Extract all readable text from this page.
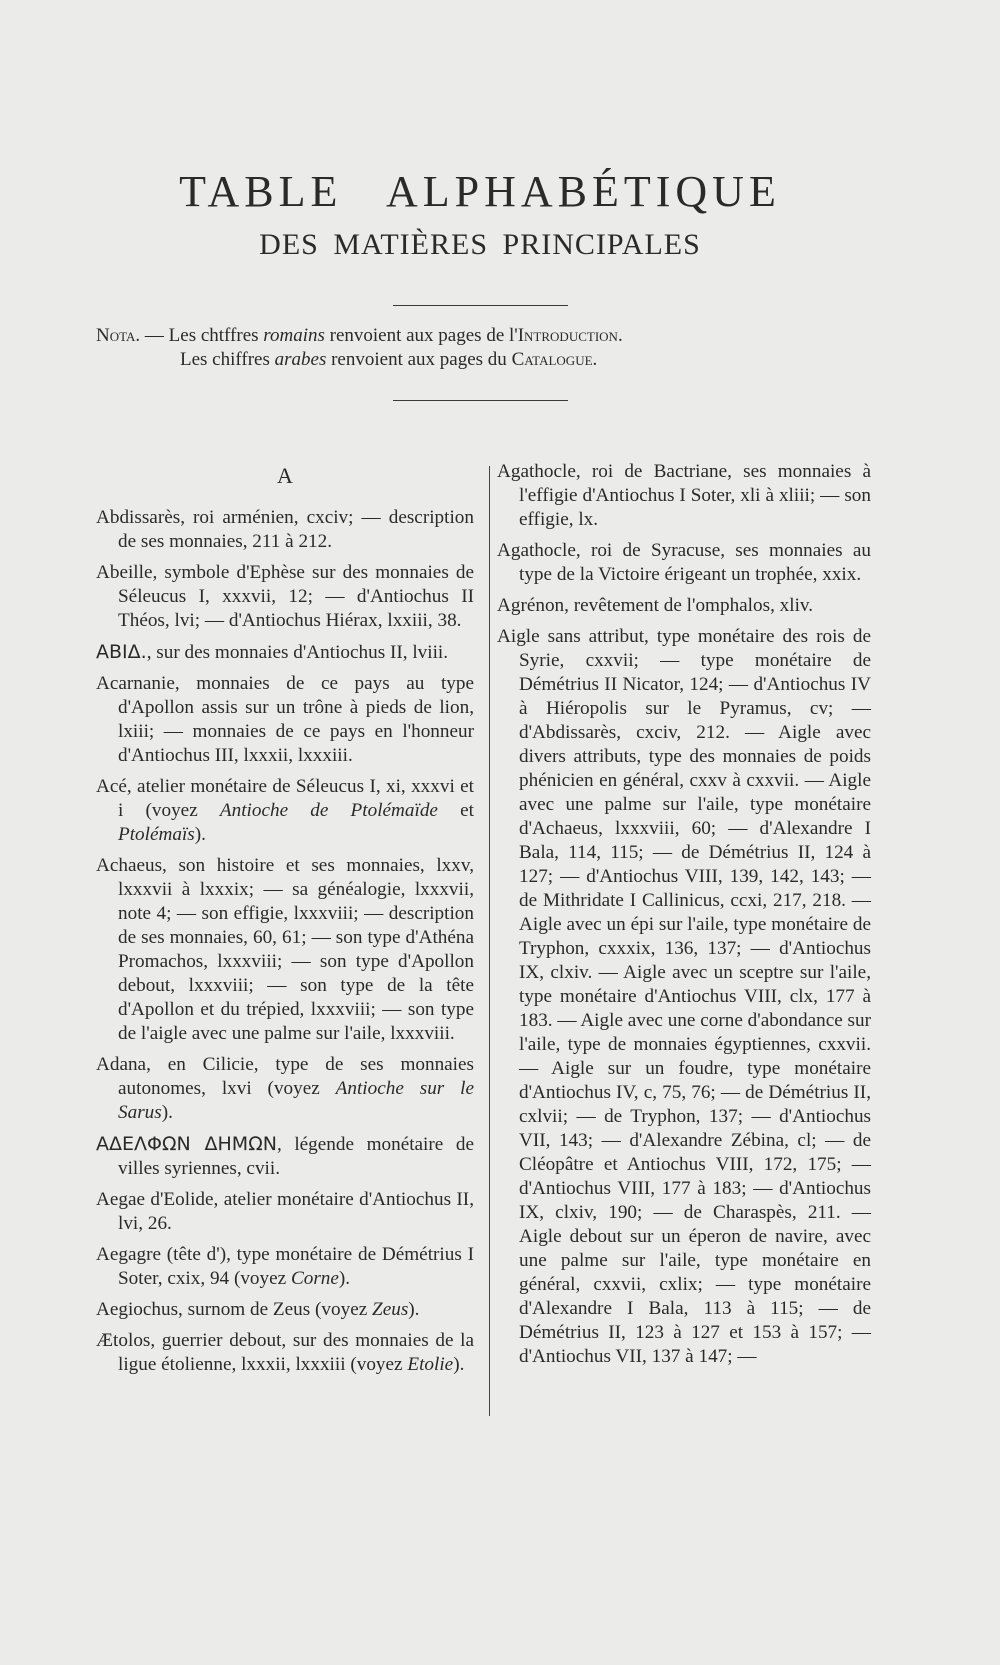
TABLE ALPHABÉTIQUE
DES MATIÈRES PRINCIPALES
Nota. — Les chtffres romains renvoient aux pages de l'Introduction.
Les chiffres arabes renvoient aux pages du Catalogue.
A

Abdissarès, roi arménien, cxciv; — description de ses monnaies, 211 à 212.

Abeille, symbole d'Ephèse sur des monnaies de Séleucus I, xxxvii, 12; — d'Antiochus II Théos, lvi; — d'Antiochus Hiérax, lxxiii, 38.

ΑΒΙΔ., sur des monnaies d'Antiochus II, lviii.

Acarnanie, monnaies de ce pays au type d'Apollon assis sur un trône à pieds de lion, lxiii; — monnaies de ce pays en l'honneur d'Antiochus III, lxxxii, lxxxiii.

Acé, atelier monétaire de Séleucus I, xi, xxxvi et i (voyez Antioche de Ptolémaïde et Ptolémaïs).

Achaeus, son histoire et ses monnaies, lxxv, lxxxvii à lxxxix; — sa généalogie, lxxxvii, note 4; — son effigie, lxxxviii; — description de ses monnaies, 60, 61; — son type d'Athéna Promachos, lxxxviii; — son type d'Apollon debout, lxxxviii; — son type de la tête d'Apollon et du trépied, lxxxviii; — son type de l'aigle avec une palme sur l'aile, lxxxviii.

Adana, en Cilicie, type de ses monnaies autonomes, lxvi (voyez Antioche sur le Sarus).

ΑΔΕΛΦΩΝ ΔΗΜΩΝ, légende monétaire de villes syriennes, cvii.

Aegae d'Eolide, atelier monétaire d'Antiochus II, lvi, 26.

Aegagre (tête d'), type monétaire de Démétrius I Soter, cxix, 94 (voyez Corne).

Aegiochus, surnom de Zeus (voyez Zeus).

Ætolos, guerrier debout, sur des monnaies de la ligue étolienne, lxxxii, lxxxiii (voyez Etolie).

Agathocle, roi de Bactriane, ses monnaies à l'effigie d'Antiochus I Soter, xli à xliii; — son effigie, lx.

Agathocle, roi de Syracuse, ses monnaies au type de la Victoire érigeant un trophée, xxix.

Agrénon, revêtement de l'omphalos, xliv.

Aigle sans attribut, type monétaire des rois de Syrie, cxxvii; — type monétaire de Démétrius II Nicator, 124; — d'Antiochus IV à Hiéropolis sur le Pyramus, cv; — d'Abdissarès, cxciv, 212. — Aigle avec divers attributs, type des monnaies de poids phénicien en général, cxxv à cxxvii. — Aigle avec une palme sur l'aile, type monétaire d'Achaeus, lxxxviii, 60; — d'Alexandre I Bala, 114, 115; — de Démétrius II, 124 à 127; — d'Antiochus VIII, 139, 142, 143; — de Mithridate I Callinicus, ccxi, 217, 218. — Aigle avec un épi sur l'aile, type monétaire de Tryphon, cxxxix, 136, 137; — d'Antiochus IX, clxiv. — Aigle avec un sceptre sur l'aile, type monétaire d'Antiochus VIII, clx, 177 à 183. — Aigle avec une corne d'abondance sur l'aile, type de monnaies égyptiennes, cxxvii. — Aigle sur un foudre, type monétaire d'Antiochus IV, c, 75, 76; — de Démétrius II, cxlvii; — de Tryphon, 137; — d'Antiochus VII, 143; — d'Alexandre Zébina, cl; — de Cléopâtre et Antiochus VIII, 172, 175; — d'Antiochus VIII, 177 à 183; — d'Antiochus IX, clxiv, 190; — de Charaspès, 211. — Aigle debout sur un éperon de navire, avec une palme sur l'aile, type monétaire en général, cxxvii, cxlix; — type monétaire d'Alexandre I Bala, 113 à 115; — de Démétrius II, 123 à 127 et 153 à 157; — d'Antiochus VII, 137 à 147; —
